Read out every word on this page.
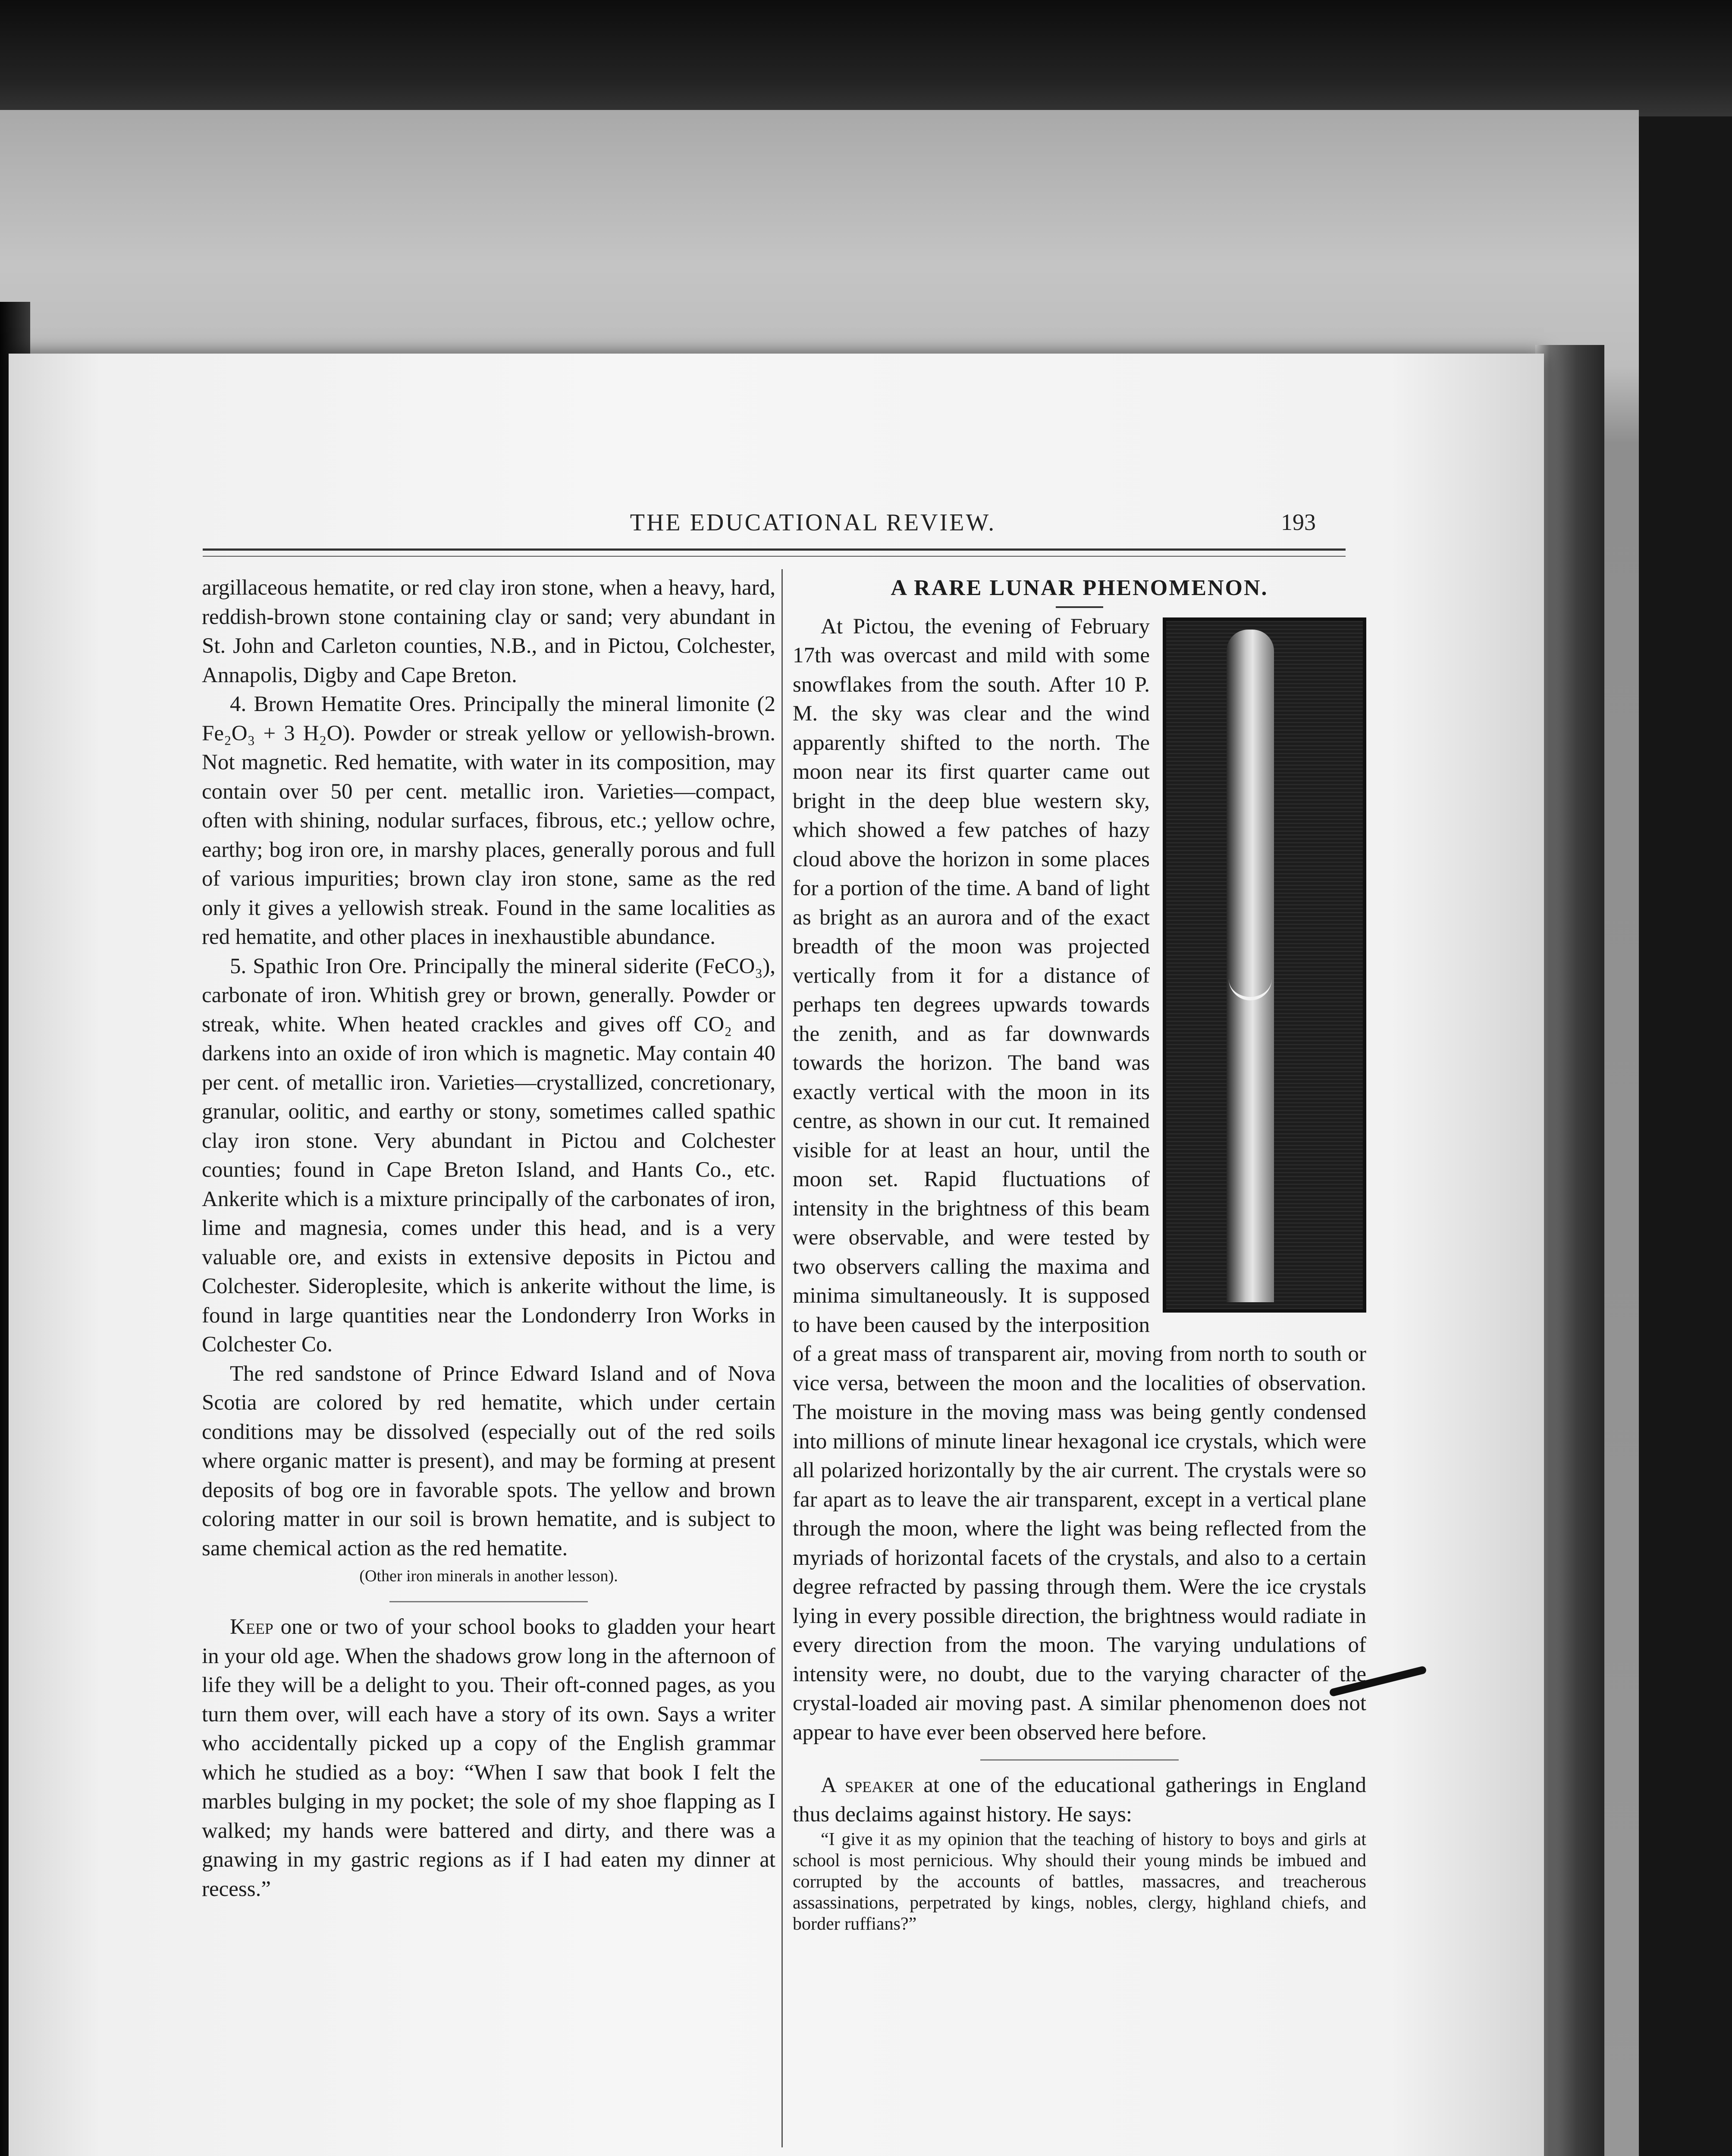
THE EDUCATIONAL REVIEW.	193

argillaceous hematite, or red clay iron stone, when a heavy, hard, reddish-brown stone containing clay or sand; very abundant in St. John and Carleton counties, N.B., and in Pictou, Colchester, Annapolis, Digby and Cape Breton.

4. Brown Hematite Ores. Principally the mineral limonite (2 Fe₂O₃ + 3 H₂O). Powder or streak yellow or yellowish-brown. Not magnetic. Red hematite, with water in its composition, may contain over 50 per cent. metallic iron. Varieties—compact, often with shining, nodular surfaces, fibrous, etc.; yellow ochre, earthy; bog iron ore, in marshy places, generally porous and full of various impurities; brown clay iron stone, same as the red only it gives a yellowish streak. Found in the same localities as red hematite, and other places in inexhaustible abundance.

5. Spathic Iron Ore. Principally the mineral siderite (FeCO₃), carbonate of iron. Whitish grey or brown, generally. Powder or streak, white. When heated crackles and gives off CO₂ and darkens into an oxide of iron which is magnetic. May contain 40 per cent. of metallic iron. Varieties—crystallized, concretionary, granular, oolitic, and earthy or stony, sometimes called spathic clay iron stone. Very abundant in Pictou and Colchester counties; found in Cape Breton Island, and Hants Co., etc. Ankerite which is a mixture principally of the carbonates of iron, lime and magnesia, comes under this head, and is a very valuable ore, and exists in extensive deposits in Pictou and Colchester. Sideroplesite, which is ankerite without the lime, is found in large quantities near the Londonderry Iron Works in Colchester Co.

The red sandstone of Prince Edward Island and of Nova Scotia are colored by red hematite, which under certain conditions may be dissolved (especially out of the red soils where organic matter is present), and may be forming at present deposits of bog ore in favorable spots. The yellow and brown coloring matter in our soil is brown hematite, and is subject to same chemical action as the red hematite.

(Other iron minerals in another lesson).

Keep one or two of your school books to gladden your heart in your old age. When the shadows grow long in the afternoon of life they will be a delight to you. Their oft-conned pages, as you turn them over, will each have a story of its own. Says a writer who accidentally picked up a copy of the English grammar which he studied as a boy: “When I saw that book I felt the marbles bulging in my pocket; the sole of my shoe flapping as I walked; my hands were battered and dirty, and there was a gnawing in my gastric regions as if I had eaten my dinner at recess.”

A RARE LUNAR PHENOMENON.

At Pictou, the evening of February 17th was overcast and mild with some snowflakes from the south. After 10 P. M. the sky was clear and the wind apparently shifted to the north. The moon near its first quarter came out bright in the deep blue western sky, which showed a few patches of hazy cloud above the horizon in some places for a portion of the time. A band of light as bright as an aurora and of the exact breadth of the moon was projected vertically from it for a distance of perhaps ten degrees upwards towards the zenith, and as far downwards towards the horizon. The band was exactly vertical with the moon in its centre, as shown in our cut. It remained visible for at least an hour, until the moon set. Rapid fluctuations of intensity in the brightness of this beam were observable, and were tested by two observers calling the maxima and minima simultaneously. It is supposed to have been caused by the interposition of a great mass of transparent air, moving from north to south or vice versa, between the moon and the localities of observation. The moisture in the moving mass was being gently condensed into millions of minute linear hexagonal ice crystals, which were all polarized horizontally by the air current. The crystals were so far apart as to leave the air transparent, except in a vertical plane through the moon, where the light was being reflected from the myriads of horizontal facets of the crystals, and also to a certain degree refracted by passing through them. Were the ice crystals lying in every possible direction, the brightness would radiate in every direction from the moon. The varying undulations of intensity were, no doubt, due to the varying character of the crystal-loaded air moving past. A similar phenomenon does not appear to have ever been observed here before.

A speaker at one of the educational gatherings in England thus declaims against history. He says:

“I give it as my opinion that the teaching of history to boys and girls at school is most pernicious. Why should their young minds be imbued and corrupted by the accounts of battles, massacres, and treacherous assassinations, perpetrated by kings, nobles, clergy, highland chiefs, and border ruffians?”
